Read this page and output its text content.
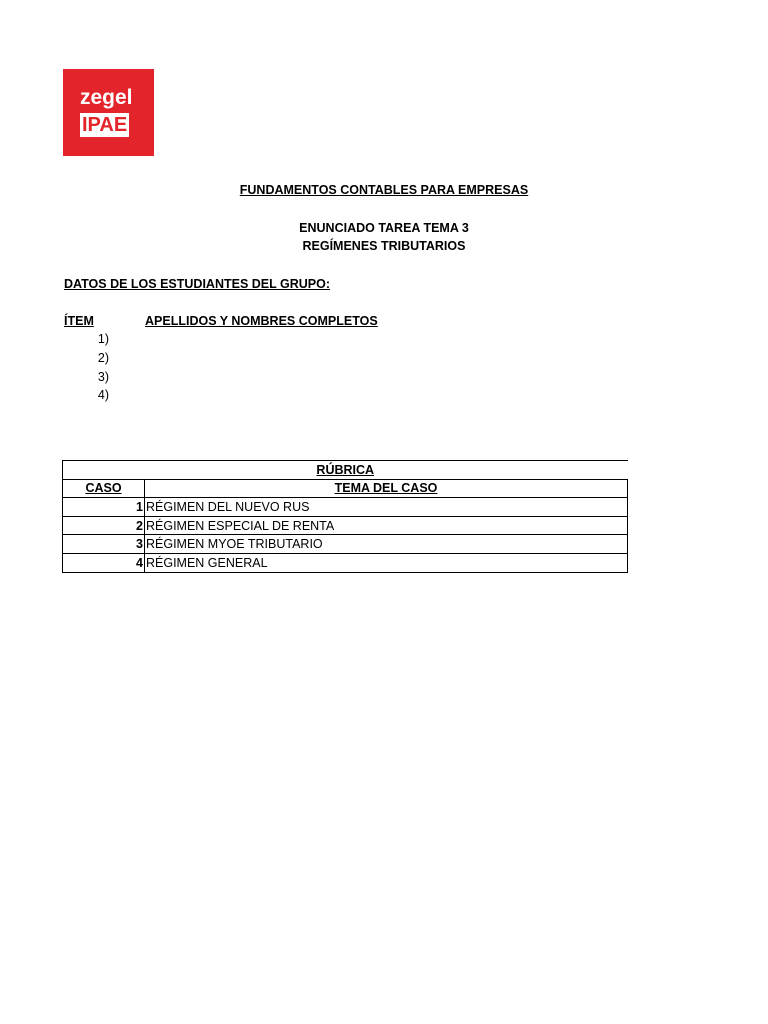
zegel
IPAE
FUNDAMENTOS CONTABLES PARA EMPRESAS
ENUNCIADO TAREA TEMA 3
REGÍMENES TRIBUTARIOS
DATOS DE LOS ESTUDIANTES DEL GRUPO:
ÍTEM	APELLIDOS Y NOMBRES COMPLETOS
1)
2)
3)
4)
RÚBRICA	
CASO	TEMA DEL CASO
1	RÉGIMEN DEL NUEVO RUS
2	RÉGIMEN ESPECIAL DE RENTA
3	RÉGIMEN MYOE TRIBUTARIO
4	RÉGIMEN GENERAL
